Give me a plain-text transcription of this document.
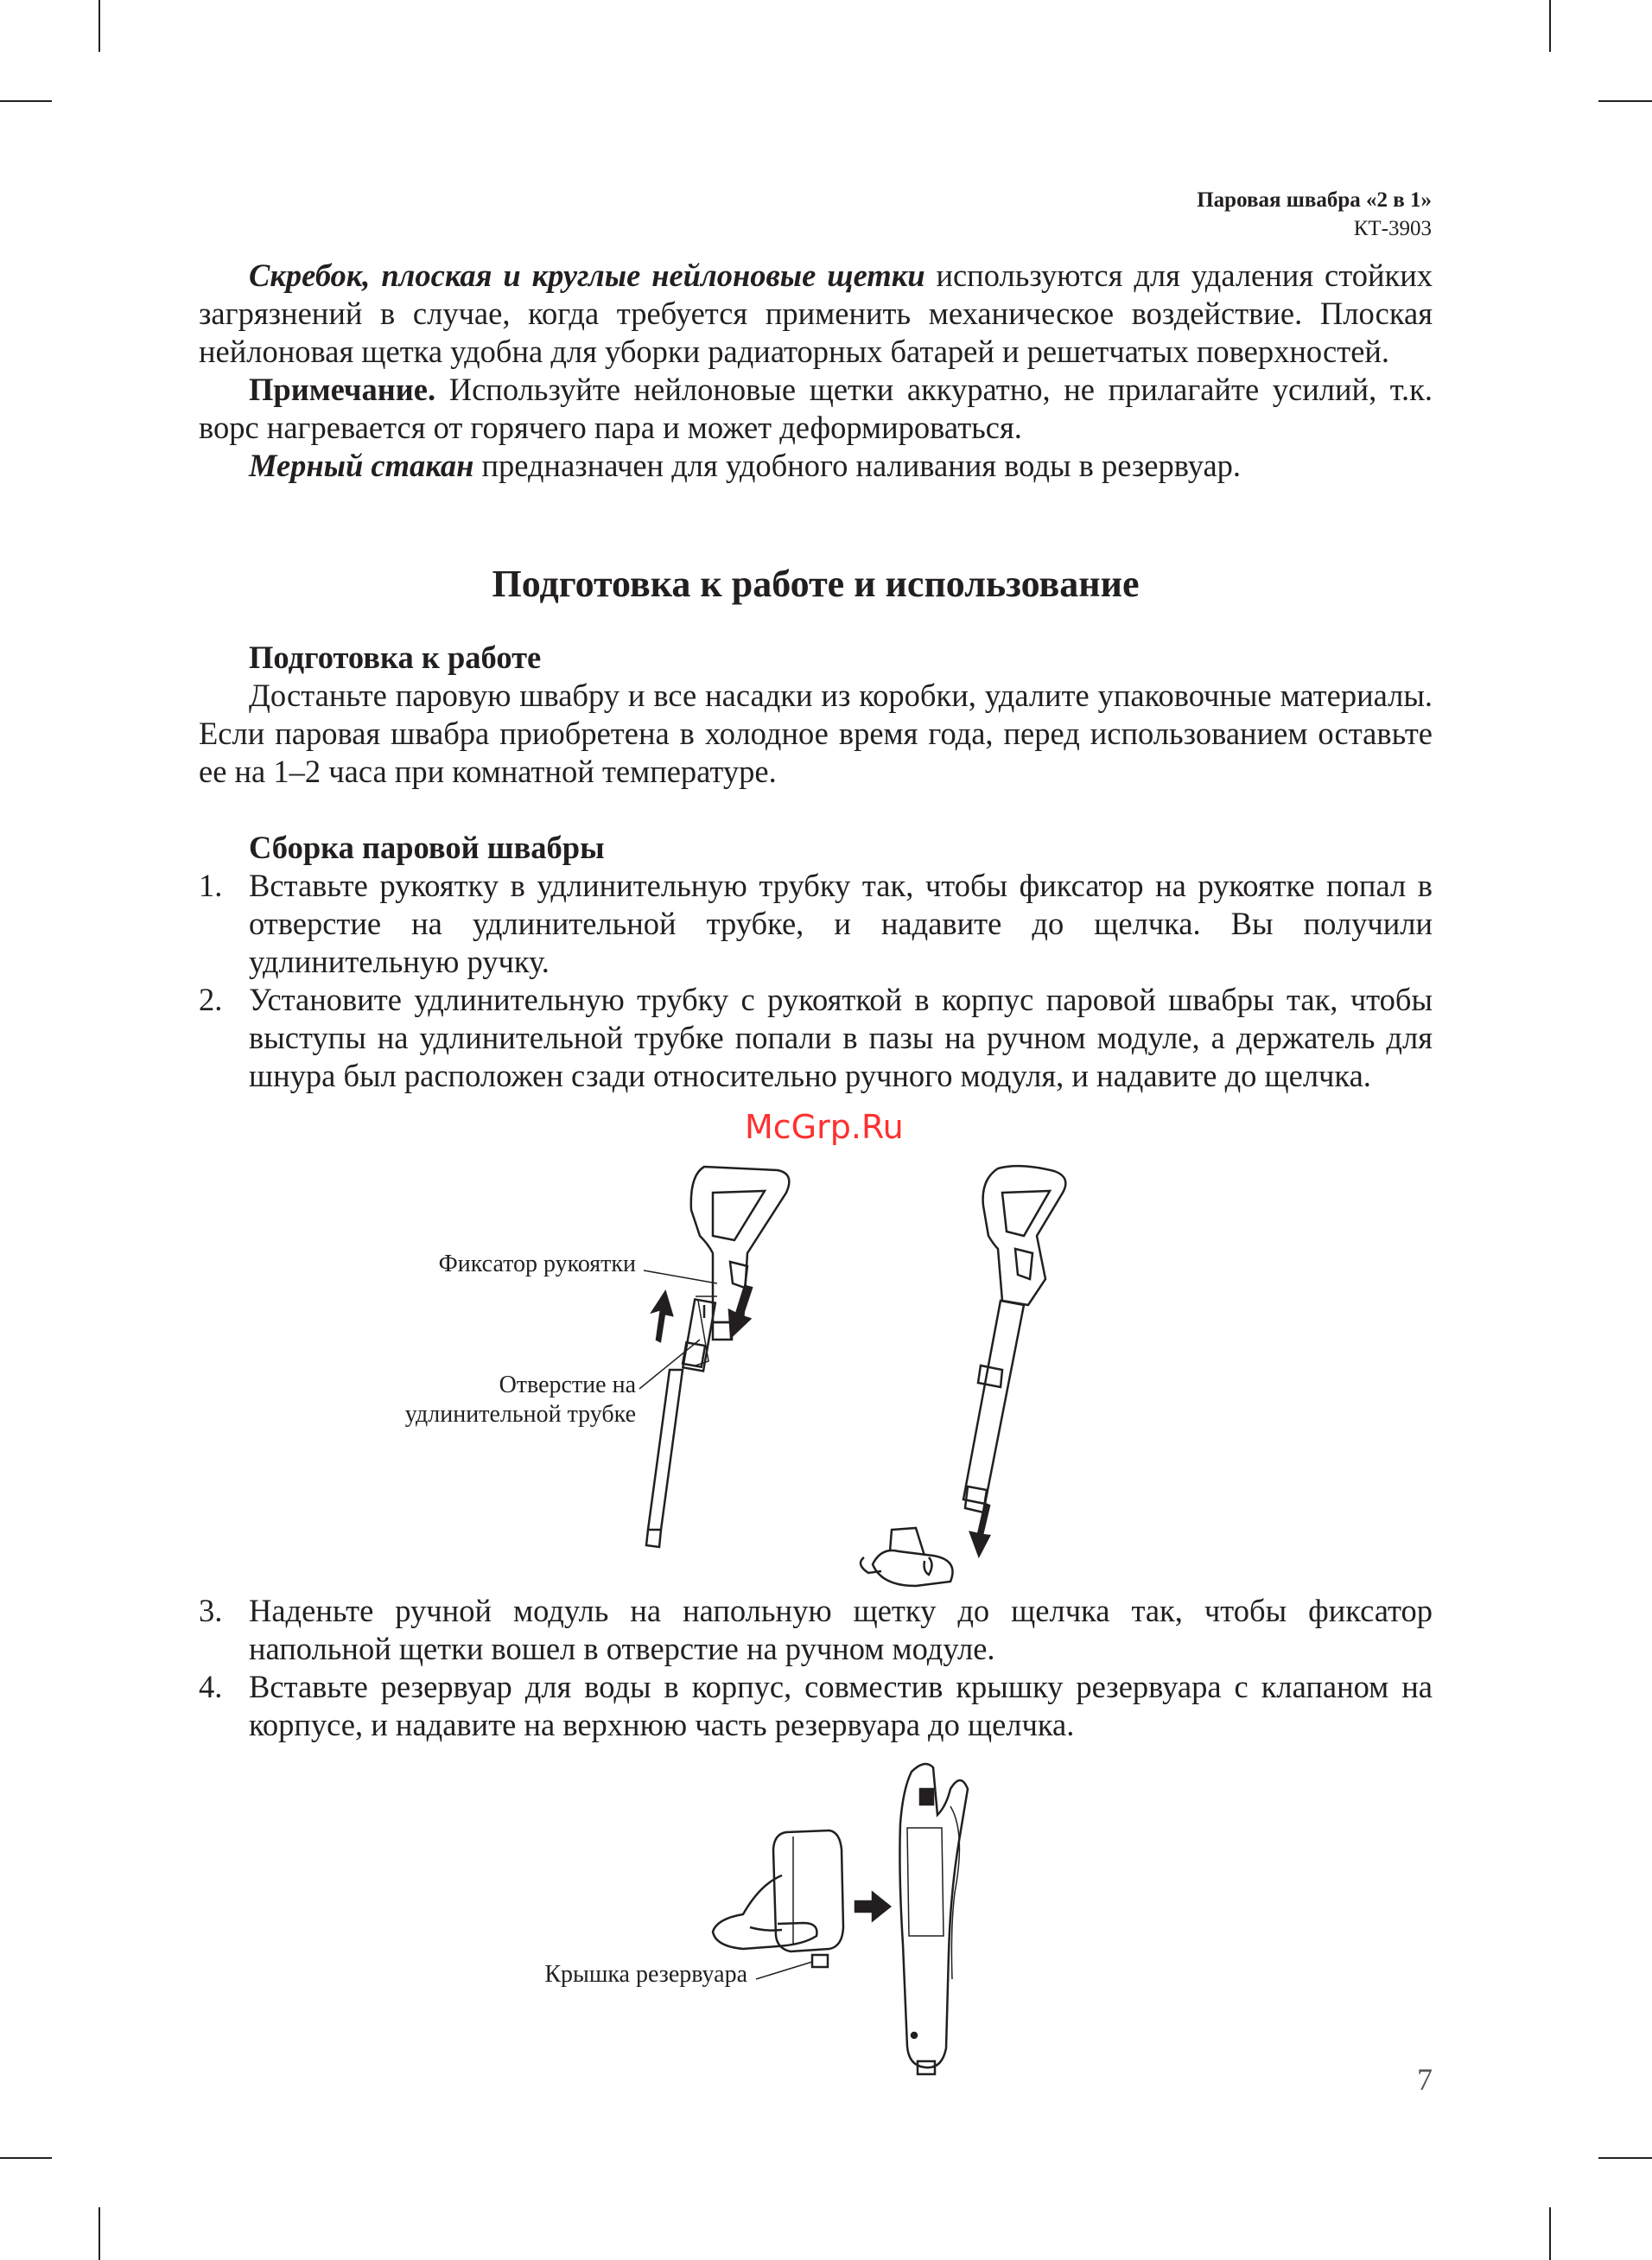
Паровая швабра «2 в 1»
КТ-3903

Скребок, плоская и круглые нейлоновые щетки используются для удаления стойких загрязнений в случае, когда требуется применить механическое воздействие. Плоская нейлоновая щетка удобна для уборки радиаторных батарей и решетчатых поверхностей.

Примечание. Используйте нейлоновые щетки аккуратно, не прилагайте усилий, т.к. ворс нагревается от горячего пара и может деформироваться.

Мерный стакан предназначен для удобного наливания воды в резервуар.

Подготовка к работе и использование
Подготовка к работе

Достаньте паровую швабру и все насадки из коробки, удалите упаковочные материалы. Если паровая швабра приобретена в холодное время года, перед использованием оставьте ее на 1–2 часа при комнатной температуре.

Сборка паровой швабры
1. Вставьте рукоятку в удлинительную трубку так, чтобы фиксатор на рукоятке попал в отверстие на удлинительной трубке, и надавите до щелчка. Вы получили удлинительную ручку.
2. Установите удлинительную трубку с рукояткой в корпус паровой швабры так, чтобы выступы на удлинительной трубке попали в пазы на ручном модуле, а держатель для шнура был расположен сзади относительно ручного модуля, и надавите до щелчка.
McGrp.Ru
Фиксатор рукоятки
Отверстие на
удлинительной трубке
3. Наденьте ручной модуль на напольную щетку до щелчка так, чтобы фиксатор напольной щетки вошел в отверстие на ручном модуле.
4. Вставьте резервуар для воды в корпус, совместив крышку резервуара с клапаном на корпусе, и надавите на верхнюю часть резервуара до щелчка.
Крышка резервуара
7
